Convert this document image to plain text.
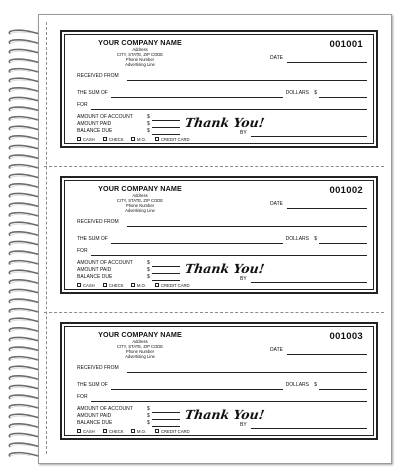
YOUR COMPANY NAME
Address
CITY, STATE, ZIP CODE
Phone Number
Advertising Line
001001
DATE
RECEIVED FROM
THE SUM OF	DOLLARS $
FOR
AMOUNT OF ACCOUNT	$
AMOUNT PAID	$
BALANCE DUE	$
Thank You!
BY
CASH	CHECK	M.O.	CREDIT CARD
YOUR COMPANY NAME
Address
CITY, STATE, ZIP CODE
Phone Number
Advertising Line
001002
DATE
RECEIVED FROM
THE SUM OF	DOLLARS $
FOR
AMOUNT OF ACCOUNT	$
AMOUNT PAID	$
BALANCE DUE	$
Thank You!
BY
CASH	CHECK	M.O.	CREDIT CARD
YOUR COMPANY NAME
Address
CITY, STATE, ZIP CODE
Phone Number
Advertising Line
001003
DATE
RECEIVED FROM
THE SUM OF	DOLLARS $
FOR
AMOUNT OF ACCOUNT	$
AMOUNT PAID	$
BALANCE DUE	$
Thank You!
BY
CASH	CHECK	M.O.	CREDIT CARD
